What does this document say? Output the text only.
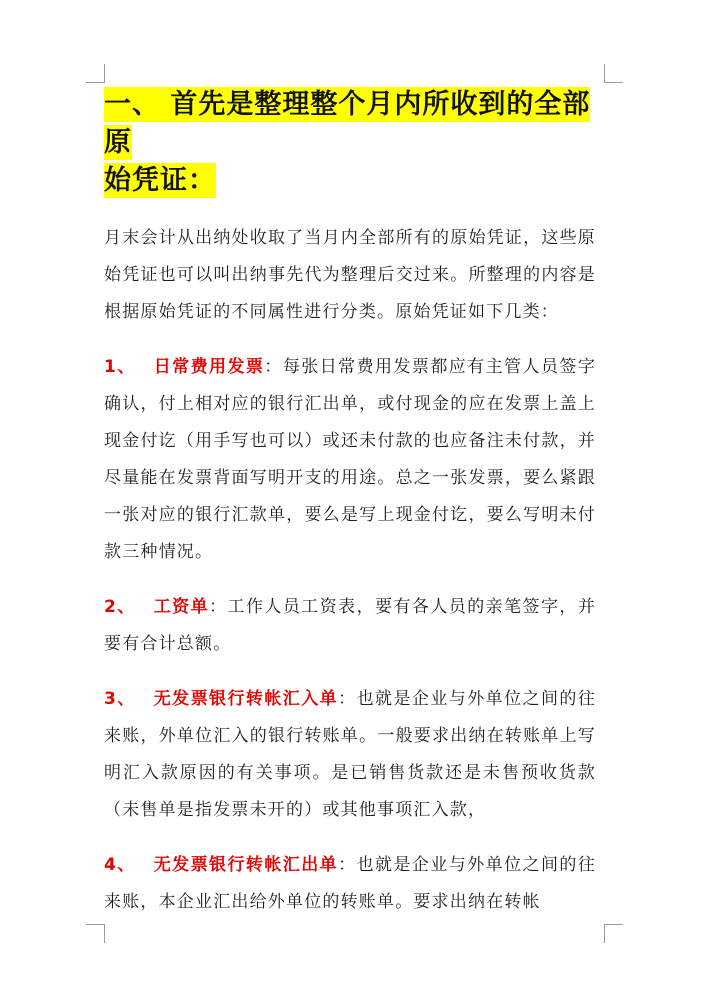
一、 首先是整理整个月内所收到的全部原
始凭证：

月末会计从出纳处收取了当月内全部所有的原始凭证，这些原始凭证也可以叫出纳事先代为整理后交过来。所整理的内容是根据原始凭证的不同属性进行分类。原始凭证如下几类：

1、 日常费用发票：每张日常费用发票都应有主管人员签字确认，付上相对应的银行汇出单，或付现金的应在发票上盖上现金付讫（用手写也可以）或还未付款的也应备注未付款，并尽量能在发票背面写明开支的用途。总之一张发票，要么紧跟一张对应的银行汇款单，要么是写上现金付讫，要么写明未付款三种情况。

2、 工资单：工作人员工资表，要有各人员的亲笔签字，并要有合计总额。

3、 无发票银行转帐汇入单：也就是企业与外单位之间的往来账，外单位汇入的银行转账单。一般要求出纳在转账单上写明汇入款原因的有关事项。是已销售货款还是未售预收货款（未售单是指发票未开的）或其他事项汇入款，

4、 无发票银行转帐汇出单：也就是企业与外单位之间的往来账，本企业汇出给外单位的转账单。要求出纳在转帐
